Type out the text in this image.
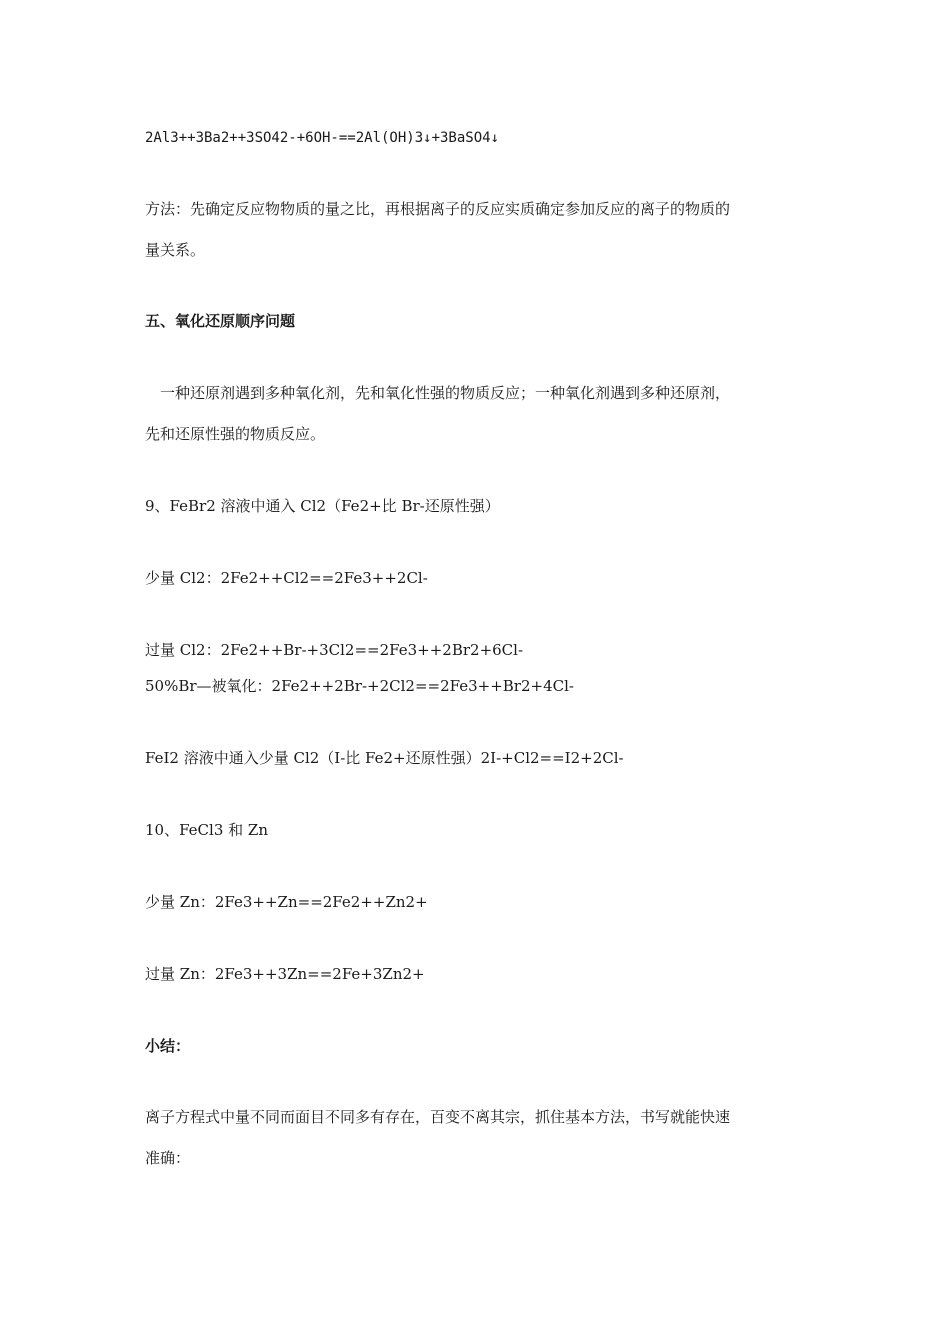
2Al3++3Ba2++3SO42-+6OH-==2Al(OH)3↓+3BaSO4↓
方法：先确定反应物物质的量之比，再根据离子的反应实质确定参加反应的离子的物质的
量关系。
五、氧化还原顺序问题
一种还原剂遇到多种氧化剂，先和氧化性强的物质反应；一种氧化剂遇到多种还原剂，
先和还原性强的物质反应。
9、FeBr2 溶液中通入 Cl2（Fe2+比 Br-还原性强）
少量 Cl2：2Fe2++Cl2==2Fe3++2Cl-
过量 Cl2：2Fe2++Br-+3Cl2==2Fe3++2Br2+6Cl-
50%Br—被氧化：2Fe2++2Br-+2Cl2==2Fe3++Br2+4Cl-
FeI2 溶液中通入少量 Cl2（I-比 Fe2+还原性强）2I-+Cl2==I2+2Cl-
10、FeCl3 和 Zn
少量 Zn：2Fe3++Zn==2Fe2++Zn2+
过量 Zn：2Fe3++3Zn==2Fe+3Zn2+
小结：
离子方程式中量不同而面目不同多有存在，百变不离其宗，抓住基本方法，书写就能快速
准确：
